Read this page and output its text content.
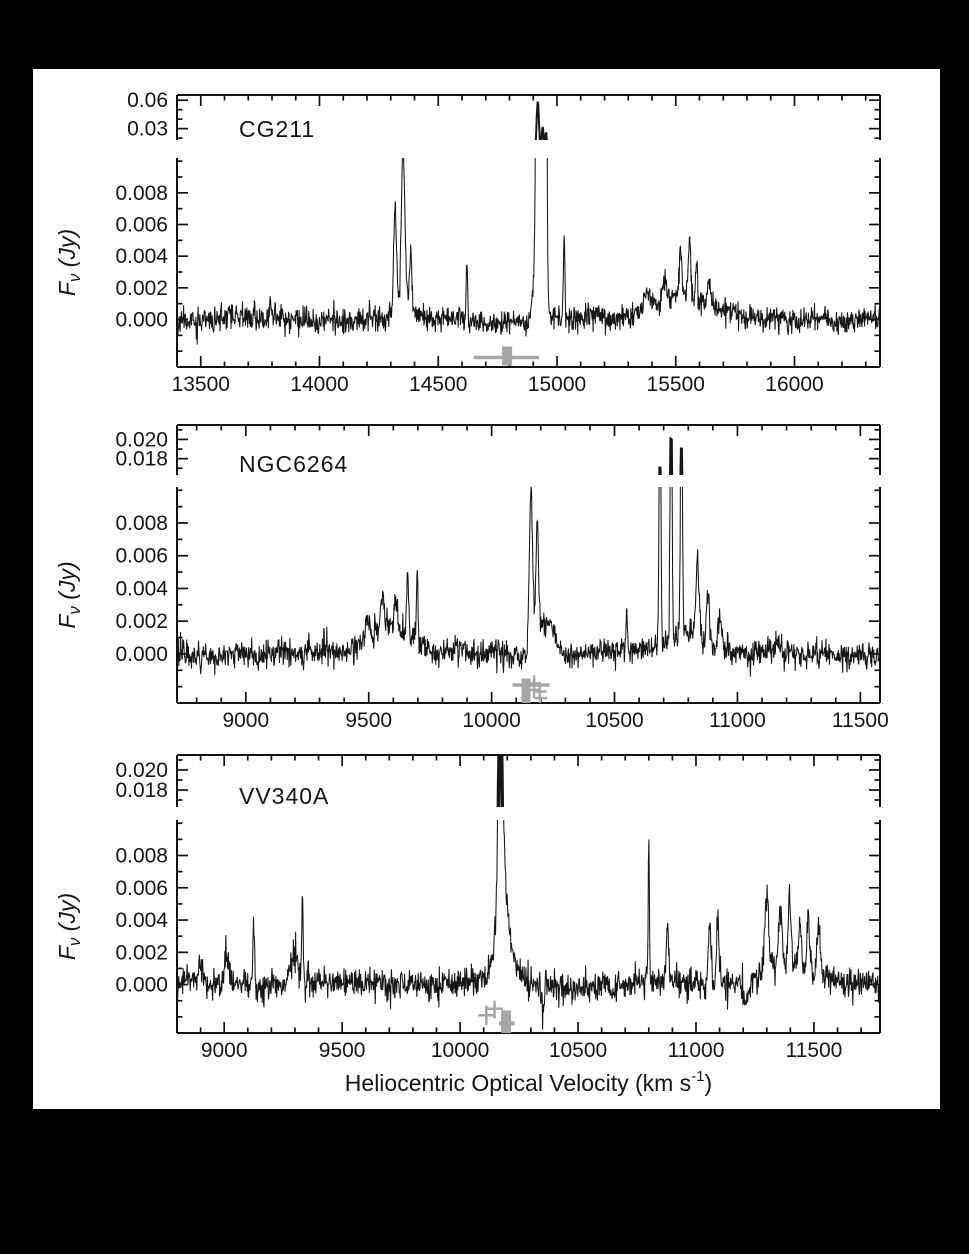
13500	14000	14500	15000	15500	16000
0.000
0.002
0.004
0.006
0.008
0.03
0.06
CG211
$F_\nu$ (Jy)
9000	9500	10000	10500	11000	11500
0.000
0.002
0.004
0.006
0.008
0.018
0.020
NGC6264
$F_\nu$ (Jy)
9000	9500	10000	10500	11000	11500
0.000
0.002
0.004
0.006
0.008
0.018
0.020
VV340A
$F_\nu$ (Jy)
Heliocentric Optical Velocity (km $s^{-1}$)
